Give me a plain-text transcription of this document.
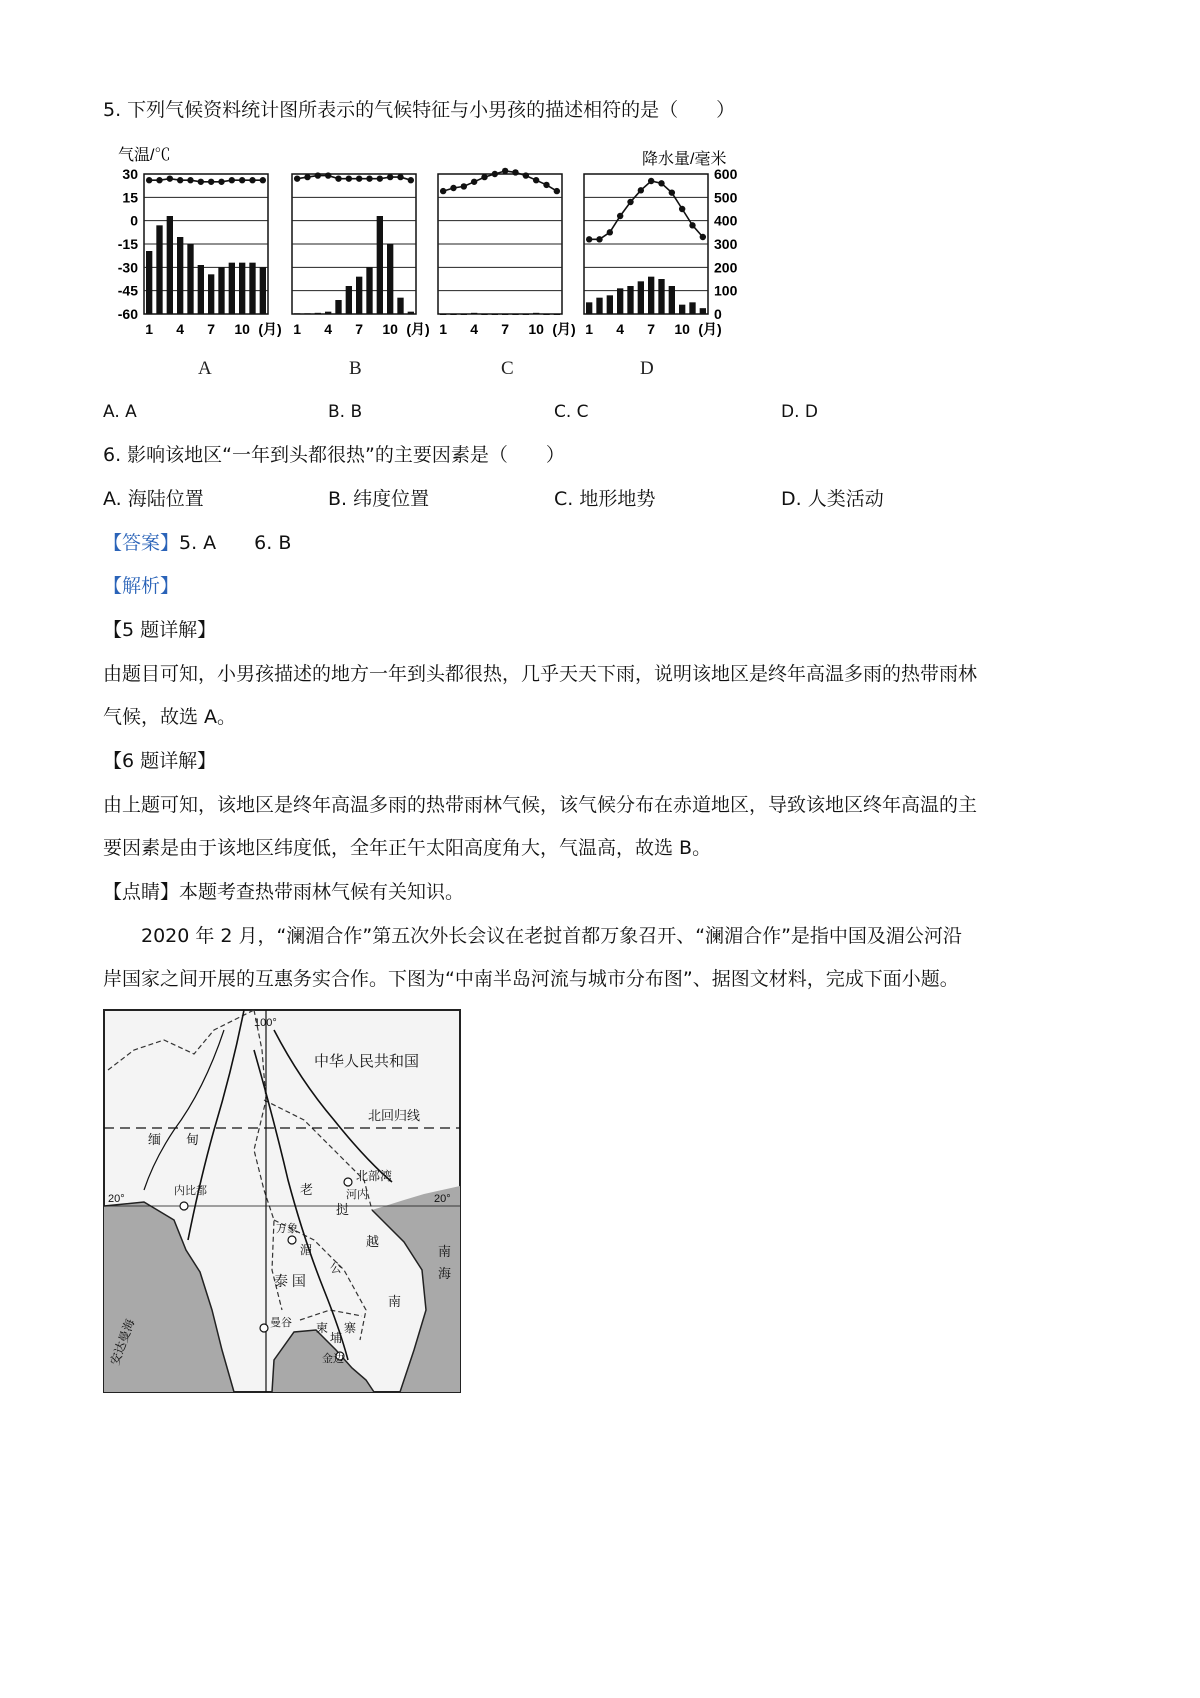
5. 下列气候资料统计图所表示的气候特征与小男孩的描述相符的是（　　）
气温/℃	降水量/毫米
30
15
0
-15
-30
-45
-60
600
500
400
300
200
100
0
1 4 7 10 (月) 1 4 7 10 (月) 1 4 7 10 (月) 1 4 7 10 (月)
A	B	C	D
A. A	B. B	C. C	D. D
6. 影响该地区“一年到头都很热”的主要因素是（　　）
A. 海陆位置	B. 纬度位置	C. 地形地势	D. 人类活动
【答案】5. A　　6. B
【解析】
【5 题详解】
由题目可知，小男孩描述的地方一年到头都很热，几乎天天下雨，说明该地区是终年高温多雨的热带雨林
气候，故选 A。
【6 题详解】
由上题可知，该地区是终年高温多雨的热带雨林气候，该气候分布在赤道地区，导致该地区终年高温的主
要因素是由于该地区纬度低，全年正午太阳高度角大，气温高，故选 B。
【点睛】本题考查热带雨林气候有关知识。
2020 年 2 月，“澜湄合作”第五次外长会议在老挝首都万象召开、“澜湄合作”是指中国及湄公河沿
岸国家之间开展的互惠务实合作。下图为“中南半岛河流与城市分布图”、据图文材料，完成下面小题。
中华人民共和国
100°
北回归线
20°	20°
北部湾
河内
缅 甸
内比都	老
挝
万象
湄
公
泰 国
曼谷 柬
埔
寨
金边
越
南
南
海
安达曼海
